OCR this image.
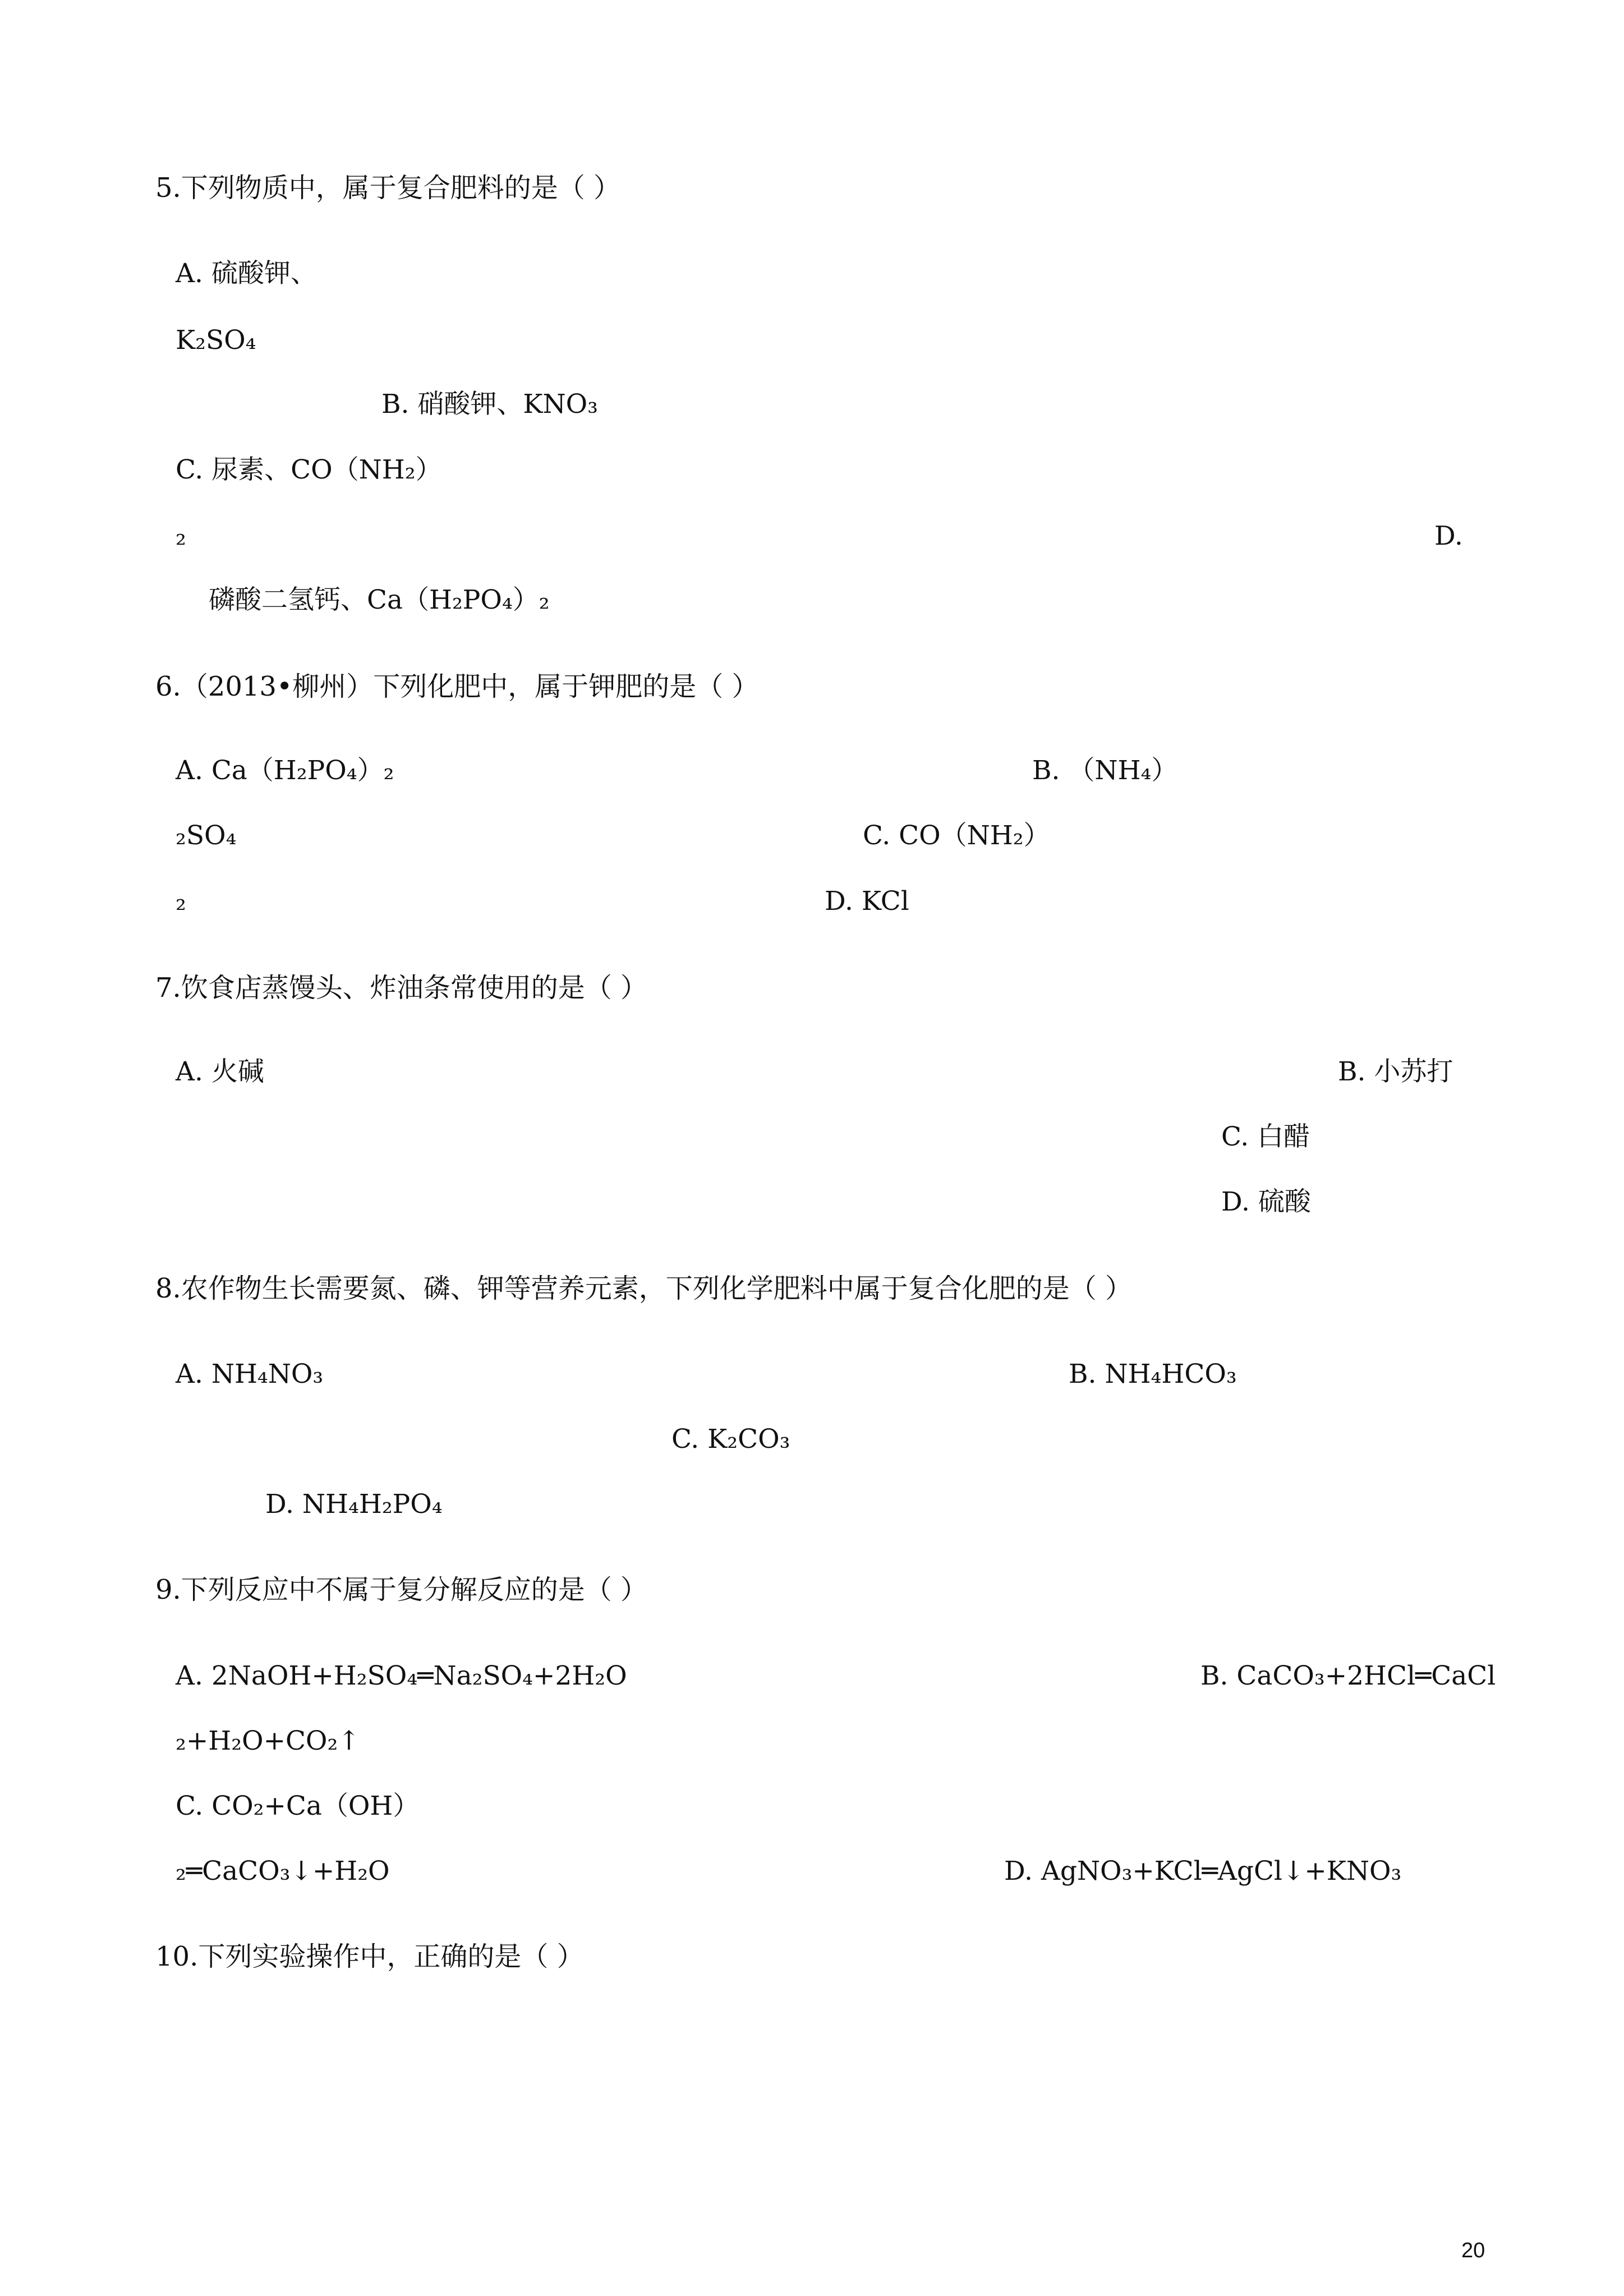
5.下列物质中，属于复合肥料的是（ ）
A. 硫酸钾、
K₂SO₄
B. 硝酸钾、KNO₃
C. 尿素、CO（NH₂）
₂	D.
磷酸二氢钙、Ca（H₂PO₄）₂
6.（2013•柳州）下列化肥中，属于钾肥的是（ ）
A. Ca（H₂PO₄）₂	B. （NH₄）
₂SO₄	C. CO（NH₂）
₂	D. KCl
7.饮食店蒸馒头、炸油条常使用的是（ ）
A. 火碱	B. 小苏打
C. 白醋
D. 硫酸
8.农作物生长需要氮、磷、钾等营养元素，下列化学肥料中属于复合化肥的是（ ）
A. NH₄NO₃	B. NH₄HCO₃
C. K₂CO₃
D. NH₄H₂PO₄
9.下列反应中不属于复分解反应的是（ ）
A. 2NaOH+H₂SO₄═Na₂SO₄+2H₂O	B. CaCO₃+2HCl═CaCl
₂+H₂O+CO₂↑
C. CO₂+Ca（OH）
₂═CaCO₃↓+H₂O	D. AgNO₃+KCl═AgCl↓+KNO₃
10.下列实验操作中，正确的是（ ）
20
